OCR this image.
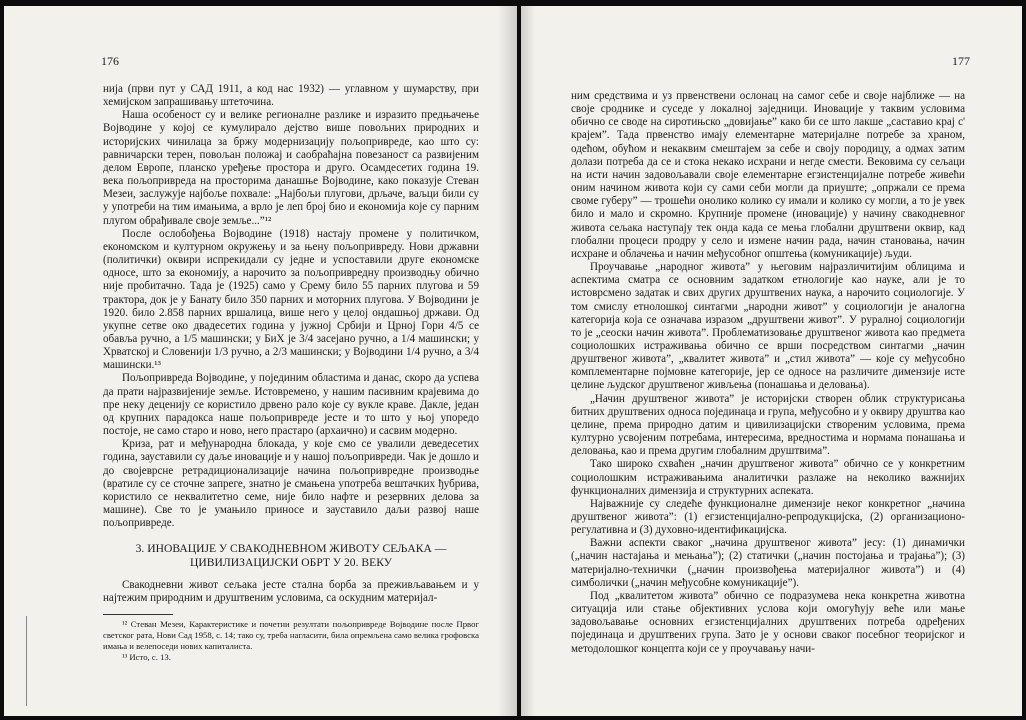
176

нија (први пут у САД 1911, а код нас 1932) — углавном у шумарству, при хемијском запрашивању штеточина.

Наша особеност су и велике регионалне разлике и изразито предњачење Војводине у којој се кумулирало дејство више повољних природних и историјских чинилаца за бржу модернизацију пољопривреде, као што су: равничарски терен, повољан положај и саобраћајна повезаност са развијеним делом Европе, планско уређење простора и друго. Осамдесетих година 19. века пољопривреда на просторима данашње Војводине, како показује Стеван Мезеи, заслужује најбоље похвале: „Најбољи плугови, дрљаче, ваљци били су у употреби на тим имањима, а врло је леп број био и економија које су парним плугом обрађивале своје земље...”¹²

После ослобођења Војводине (1918) настају промене у политичком, економском и културном окружењу и за њену пољопривреду. Нови државни (политички) оквири испрекидали су једне и успоставили друге економске односе, што за економију, а нарочито за пољопривредну производњу обично није пробитачно. Тада је (1925) само у Срему било 55 парних плугова и 59 трактора, док је у Банату било 350 парних и моторних плугова. У Војводини је 1920. било 2.858 парних вршалица, више него у целој ондашњој држави. Од укупне сетве око двадесетих година у јужној Србији и Црној Гори 4/5 се обавља ручно, а 1/5 машински; у БиХ је 3/4 засејано ручно, а 1/4 машински; у Хрватској и Словенији 1/3 ручно, а 2/3 машински; у Војводини 1/4 ручно, а 3/4 машински.¹³

Пољопривреда Војводине, у појединим областима и данас, скоро да успева да прати најразвијеније земље. Истовремено, у нашим пасивним крајевима до пре неку деценију се користило дрвено рало које су вукле краве. Дакле, један од крупних парадокса наше пољопривреде јесте и то што у њој упоредо постоје, не само старо и ново, него прастаро (архаично) и сасвим модерно.

Криза, рат и међународна блокада, у које смо се увалили деведесетих година, зауставили су даље иновације и у нашој пољопривреди. Чак је дошло и до својеврсне ретрадиционализације начина пољопривредне производње (вратиле су се сточне запреге, знатно је смањена употреба вештачких ђубрива, користило се неквалитетно семе, није било нафте и резервних делова за машине). Све то је умањило приносе и зауставило даљи развој наше пољопривреде.

3. ИНОВАЦИЈЕ У СВАКОДНЕВНОМ ЖИВОТУ СЕЉАКА —
ЦИВИЛИЗАЦИЈСКИ ОБРТ У 20. ВЕКУ

Свакодневни живот сељака јесте стална борба за преживљавањем и у најтежим природним и друштвеним условима, са оскудним материјал-

¹² Стеван Мезеи, Карактеристике и почетни резултати пољопривреде Војводине после Првог светског рата, Нови Сад 1958, с. 14; тако су, треба нагласити, била опремљена само велика грофовска имања и велепоседи нових капиталиста.

¹³ Исто, с. 13.

177

ним средствима и уз првенствени ослонац на самог себе и своје најближе — на своје сроднике и суседе у локалној заједници. Иновације у таквим условима обично се своде на сиротињско „довијање” како би се што лакше „саставио крај с' крајем”. Тада првенство имају елементарне материјалне потребе за храном, одећом, обућом и некаквим смештајем за себе и своју породицу, а одмах затим долази потреба да се и стока некако исхрани и негде смести. Вековима су сељаци на исти начин задовољавали своје елементарне егзистенцијалне потребе живећи оним начином живота који су сами себи могли да приуште; „опржали се према своме губеру” — трошећи онолико колико су имали и колико су могли, а то је увек било и мало и скромно. Крупније промене (иновације) у начину свакодневног живота сељака наступају тек онда када се мења глобални друштвени оквир, кад глобални процеси продру у село и измене начин рада, начин становања, начин исхране и облачења и начин међусобног општења (комуникације) људи.

Проучавање „народног живота” у његовим најразличитијим облицима и аспектима сматра се основним задатком етнологије као науке, али је то истоврсмено задатак и свих других друштвених наука, а нарочито социологије. У том смислу етнолошкој синтагми „народни живот” у социологији је аналогна категорија која се означава изразом „друштвени живот”. У руралној социологији то је „сеоски начин живота”. Проблематизовање друштвеног живота као предмета социолошких истраживања обично се врши посредством синтагми „начин друштвеног живота”, „квалитет живота” и „стил живота” — које су међусобно комплементарне појмовне категорије, јер се односе на различите димензије исте целине људског друштвеног живљења (понашања и деловања).

„Начин друштвеног живота” је историјски створен облик структурисања битних друштвених односа појединаца и група, међусобно и у оквиру друштва као целине, према природно датим и цивилизацијски створеним условима, према културно усвојеним потребама, интересима, вредностима и нормама понашања и деловања, као и према другим глобалним друштвима”.

Тако широко схваћен „начин друштвеног живота” обично се у конкретним социолошким истраживањима аналитички разлаже на неколико важнијих функционалних димензија и структурних аспеката.

Најважније су следеће функционалне димензије неког конкретног „начина друштвеног живота”: (1) егзистенцијално-репродукцијска, (2) организационо-регулативна и (3) духовно-идентификацијска.

Важни аспекти сваког „начина друштвеног живота” јесу: (1) динамички („начин настајања и мењања”); (2) статички („начин постојања и трајања”); (3) материјално-технички („начин произвођења материјалног живота”) и (4) симболички („начин међусобне комуникације”).

Под „квалитетом живота” обично се подразумева нека конкретна животна ситуација или стање објективних услова који омогућују веће или мање задовољавање основних егзистенцијалних друштвених потреба одређених појединаца и друштвених група. Зато је у основи сваког посебног теоријског и методолошког концепта који се у проучавању начи-
